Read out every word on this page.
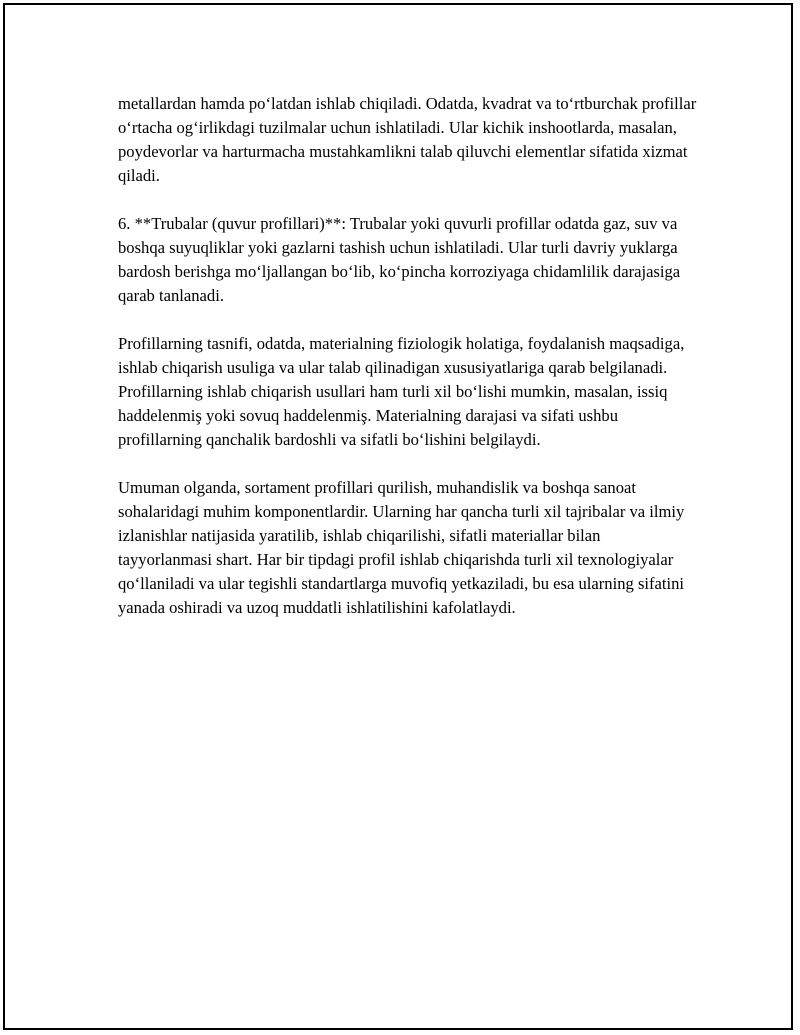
metallardan hamda po‘latdan ishlab chiqiladi. Odatda, kvadrat va to‘rtburchak profillar o‘rtacha og‘irlikdagi tuzilmalar uchun ishlatiladi. Ular kichik inshootlarda, masalan, poydevorlar va harturmacha mustahkamlikni talab qiluvchi elementlar sifatida xizmat qiladi.

6. **Trubalar (quvur profillari)**: Trubalar yoki quvurli profillar odatda gaz, suv va boshqa suyuqliklar yoki gazlarni tashish uchun ishlatiladi. Ular turli davriy yuklarga bardosh berishga mo‘ljallangan bo‘lib, ko‘pincha korroziyaga chidamlilik darajasiga qarab tanlanadi.

Profillarning tasnifi, odatda, materialning fiziologik holatiga, foydalanish maqsadiga, ishlab chiqarish usuliga va ular talab qilinadigan xususiyatlariga qarab belgilanadi. Profillarning ishlab chiqarish usullari ham turli xil bo‘lishi mumkin, masalan, issiq haddelenmiş yoki sovuq haddelenmiş. Materialning darajasi va sifati ushbu profillarning qanchalik bardoshli va sifatli bo‘lishini belgilaydi.

Umuman olganda, sortament profillari qurilish, muhandislik va boshqa sanoat sohalaridagi muhim komponentlardir. Ularning har qancha turli xil tajribalar va ilmiy izlanishlar natijasida yaratilib, ishlab chiqarilishi, sifatli materiallar bilan tayyorlanmasi shart. Har bir tipdagi profil ishlab chiqarishda turli xil texnologiyalar qo‘llaniladi va ular tegishli standartlarga muvofiq yetkaziladi, bu esa ularning sifatini yanada oshiradi va uzoq muddatli ishlatilishini kafolatlaydi.
